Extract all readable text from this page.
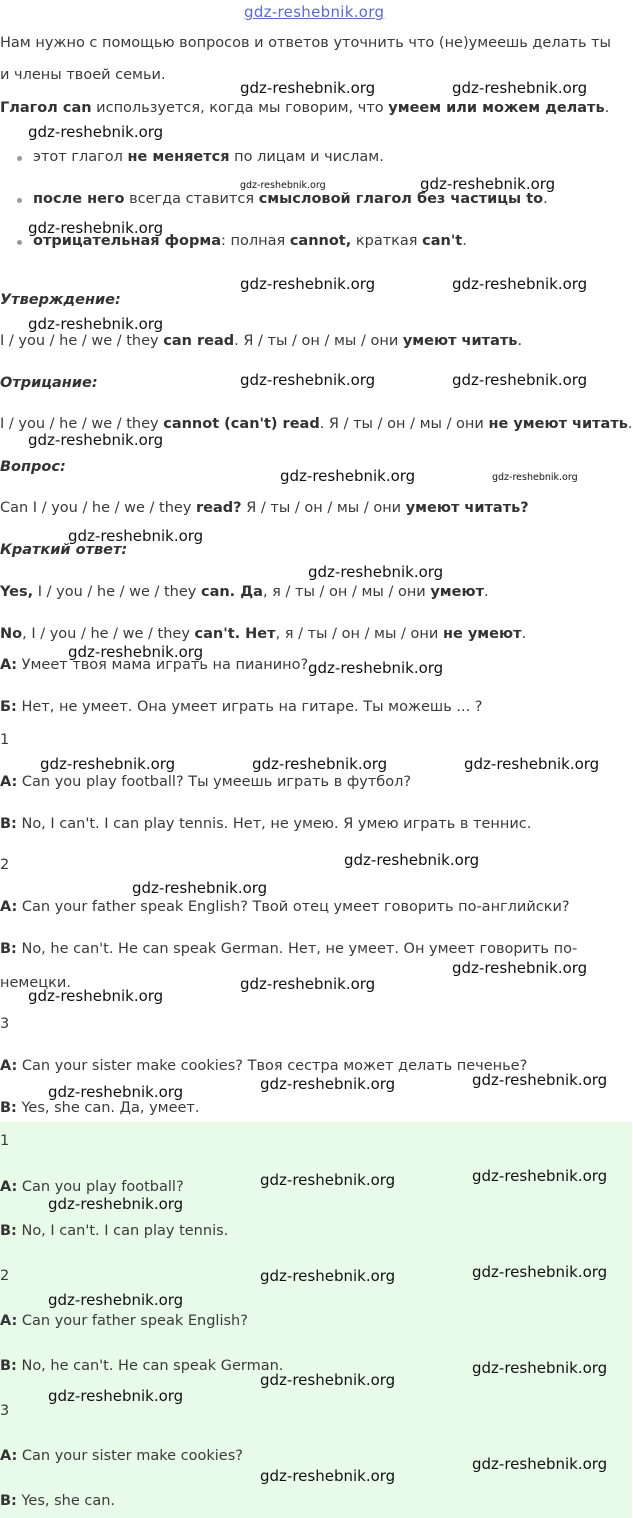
gdz-reshebnik.org

Нам нужно с помощью вопросов и ответов уточнить что (не)умеешь делать ты

и члены твоей семьи.

Глагол can используется, когда мы говорим, что умеем или можем делать.

этот глагол не меняется по лицам и числам.

после него всегда ставится смысловой глагол без частицы to.

отрицательная форма: полная cannot, краткая can't.

Утверждение:

I / you / he / we / they can read. Я / ты / он / мы / они умеют читать.

Отрицание:

I / you / he / we / they cannot (can't) read. Я / ты / он / мы / они не умеют читать.

Вопрос:

Can I / you / he / we / they read? Я / ты / он / мы / они умеют читать?

Краткий ответ:

Yes, I / you / he / we / they can. Да, я / ты / он / мы / они умеют.

No, I / you / he / we / they can't. Нет, я / ты / он / мы / они не умеют.

А: Умеет твоя мама играть на пианино?

Б: Нет, не умеет. Она умеет играть на гитаре. Ты можешь ... ?

1

A: Can you play football? Ты умеешь играть в футбол?

B: No, I can't. I can play tennis. Нет, не умею. Я умею играть в теннис.

2

A: Can your father speak English? Твой отец умеет говорить по-английски?

B: No, he can't. He can speak German. Нет, не умеет. Он умеет говорить по-

немецки.

3

A: Can your sister make cookies? Твоя сестра может делать печенье?

B: Yes, she can. Да, умеет.

1

A: Can you play football?

B: No, I can't. I can play tennis.

2

A: Can your father speak English?

B: No, he can't. He can speak German.

3

A: Can your sister make cookies?

B: Yes, she can.

gdz-reshebnik.org	gdz-reshebnik.org
gdz-reshebnik.org
gdz-reshebnik.org	gdz-reshebnik.org
gdz-reshebnik.org
gdz-reshebnik.org	gdz-reshebnik.org
gdz-reshebnik.org
gdz-reshebnik.org	gdz-reshebnik.org
gdz-reshebnik.org
gdz-reshebnik.org	gdz-reshebnik.org
gdz-reshebnik.org
gdz-reshebnik.org
gdz-reshebnik.org
gdz-reshebnik.org
gdz-reshebnik.org	gdz-reshebnik.org	gdz-reshebnik.org
gdz-reshebnik.org
gdz-reshebnik.org
gdz-reshebnik.org
gdz-reshebnik.org
gdz-reshebnik.org
gdz-reshebnik.org	gdz-reshebnik.org	gdz-reshebnik.org
gdz-reshebnik.org	gdz-reshebnik.org
gdz-reshebnik.org
gdz-reshebnik.org	gdz-reshebnik.org
gdz-reshebnik.org
gdz-reshebnik.org
gdz-reshebnik.org
gdz-reshebnik.org
gdz-reshebnik.org
gdz-reshebnik.org
